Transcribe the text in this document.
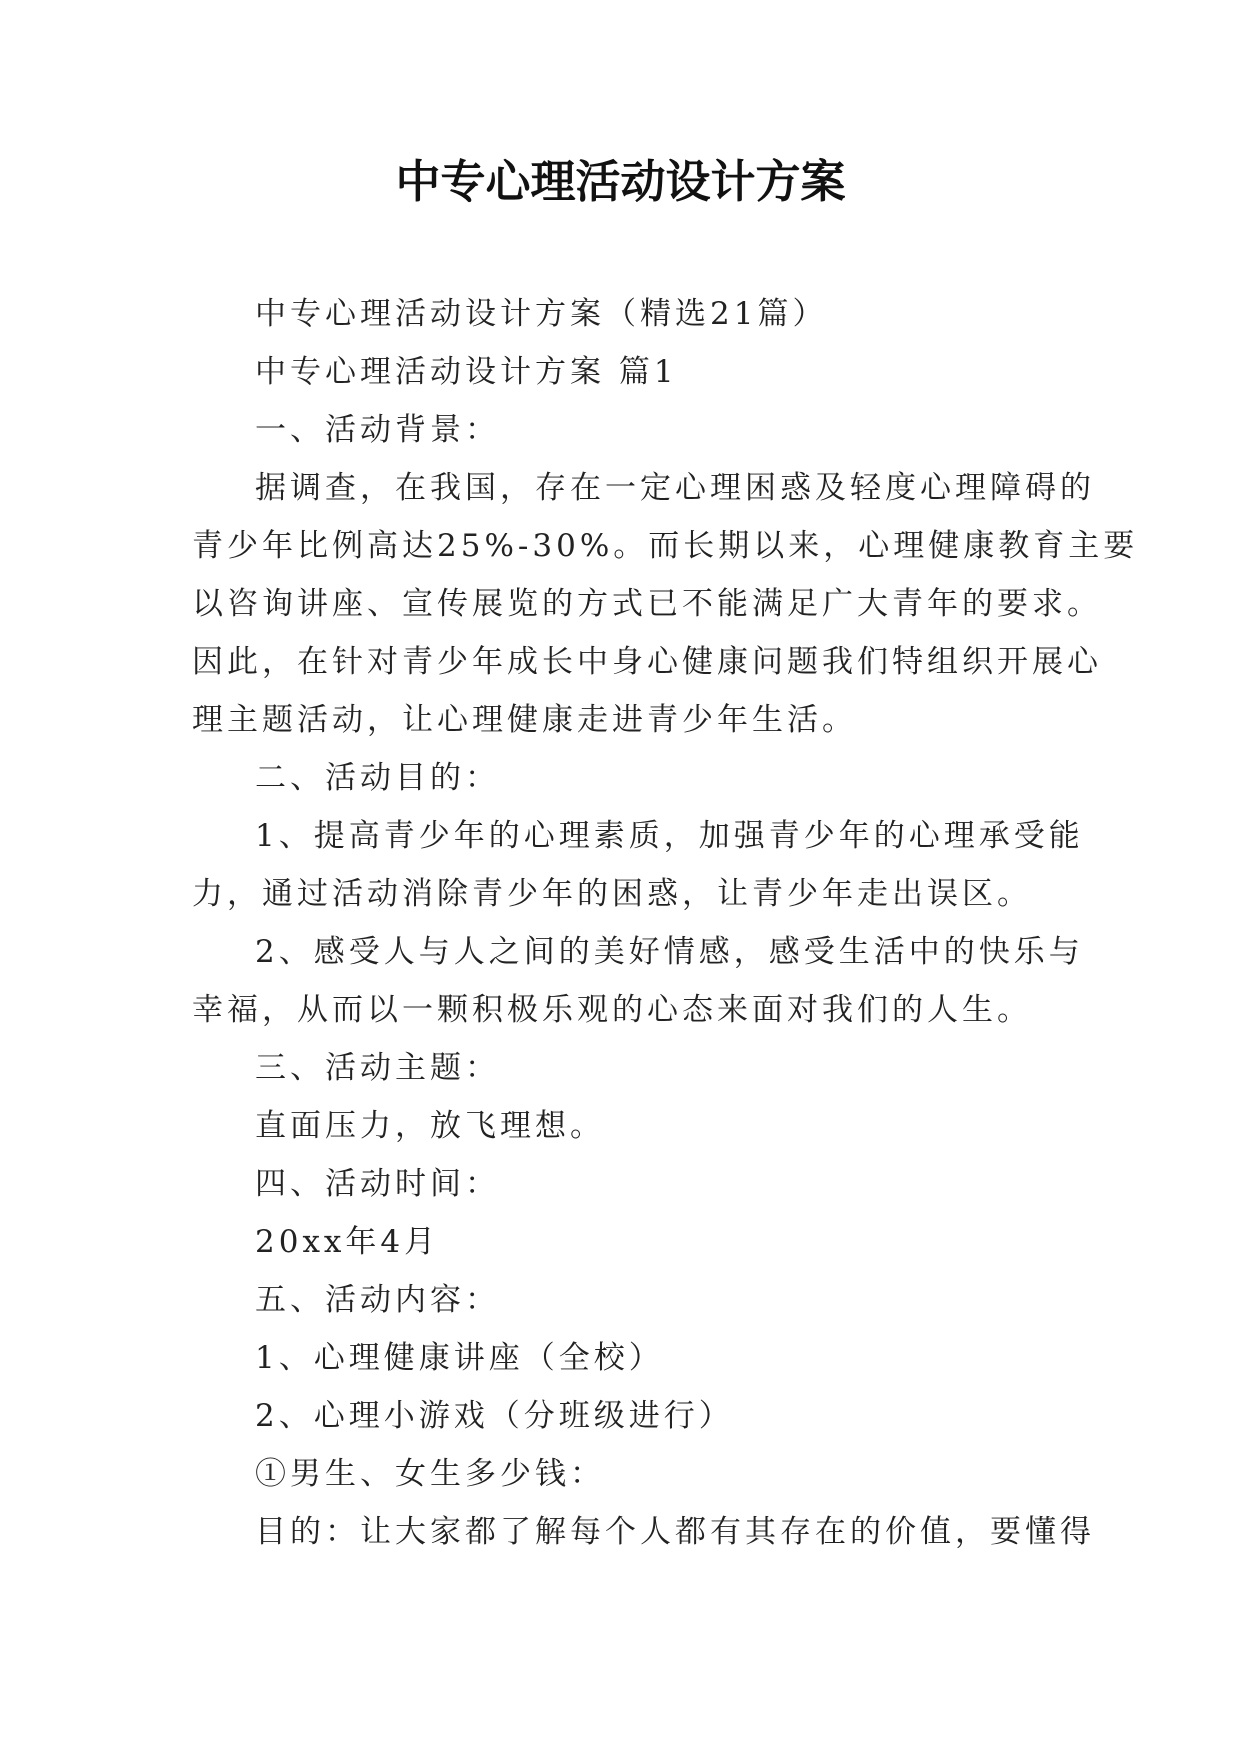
中专心理活动设计方案
中专心理活动设计方案（精选21篇）
中专心理活动设计方案 篇1
一、活动背景：
据调查，在我国，存在一定心理困惑及轻度心理障碍的
青少年比例高达25%-30%。而长期以来，心理健康教育主要
以咨询讲座、宣传展览的方式已不能满足广大青年的要求。
因此，在针对青少年成长中身心健康问题我们特组织开展心
理主题活动，让心理健康走进青少年生活。
二、活动目的：
1、提高青少年的心理素质，加强青少年的心理承受能
力，通过活动消除青少年的困惑，让青少年走出误区。
2、感受人与人之间的美好情感，感受生活中的快乐与
幸福，从而以一颗积极乐观的心态来面对我们的人生。
三、活动主题：
直面压力，放飞理想。
四、活动时间：
20xx年4月
五、活动内容：
1、心理健康讲座（全校）
2、心理小游戏（分班级进行）
①男生、女生多少钱：
目的：让大家都了解每个人都有其存在的价值，要懂得
